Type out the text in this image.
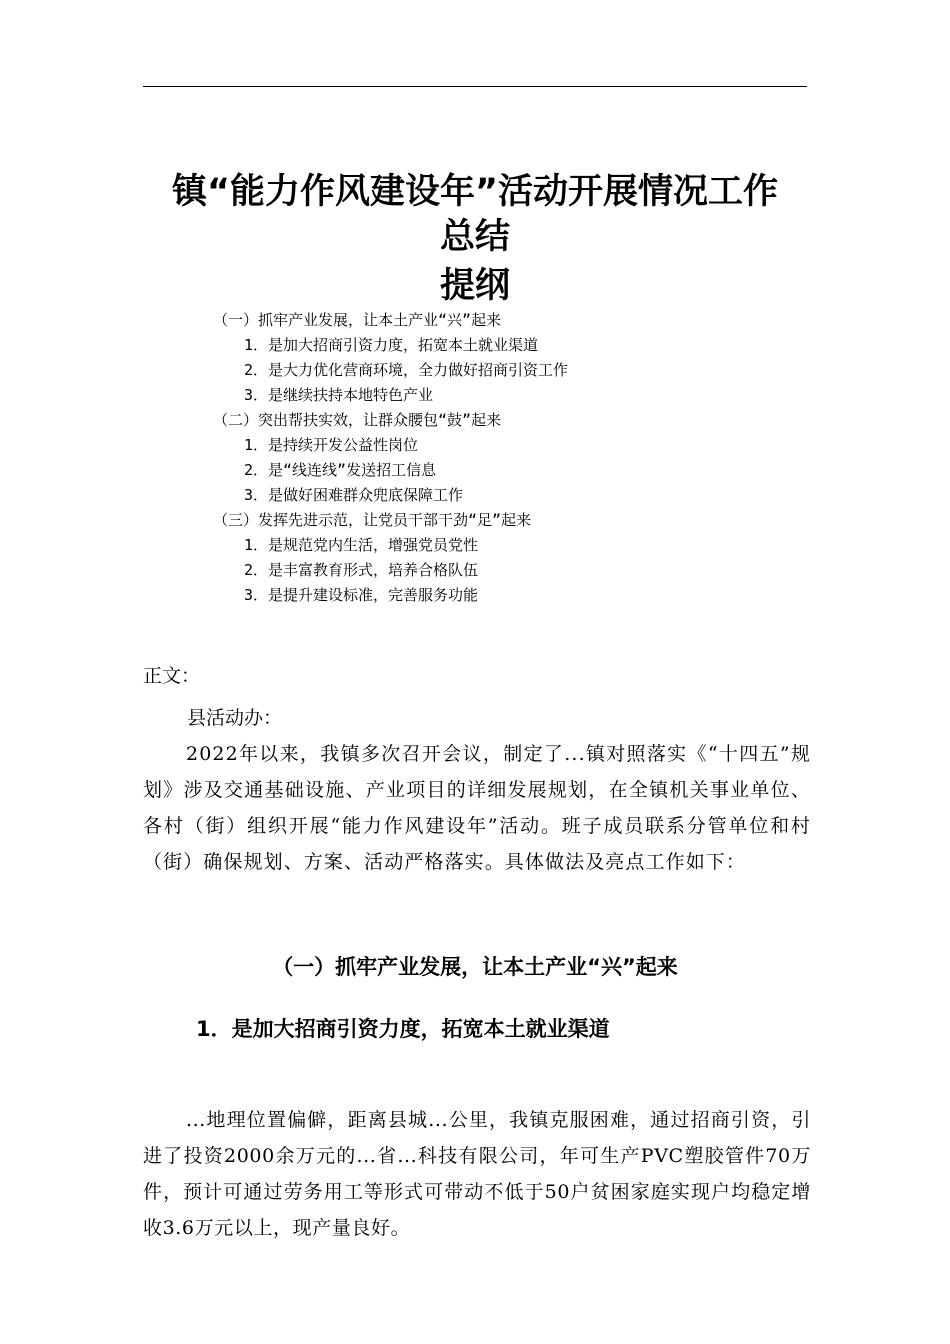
镇“能力作风建设年”活动开展情况工作
总结
提纲
（一）抓牢产业发展，让本土产业“兴”起来
1．是加大招商引资力度，拓宽本土就业渠道
2．是大力优化营商环境，全力做好招商引资工作
3．是继续扶持本地特色产业
（二）突出帮扶实效，让群众腰包“鼓”起来
1．是持续开发公益性岗位
2．是“线连线”发送招工信息
3．是做好困难群众兜底保障工作
（三）发挥先进示范，让党员干部干劲“足”起来
1．是规范党内生活，增强党员党性
2．是丰富教育形式，培养合格队伍
3．是提升建设标准，完善服务功能
正文：
县活动办：
2022年以来，我镇多次召开会议，制定了...镇对照落实《“十四五”规划》涉及交通基础设施、产业项目的详细发展规划，在全镇机关事业单位、各村（街）组织开展“能力作风建设年”活动。班子成员联系分管单位和村（街）确保规划、方案、活动严格落实。具体做法及亮点工作如下：
（一）抓牢产业发展，让本土产业“兴”起来
1．是加大招商引资力度，拓宽本土就业渠道
...地理位置偏僻，距离县城...公里，我镇克服困难，通过招商引资，引进了投资2000余万元的...省...科技有限公司，年可生产PVC塑胶管件70万件，预计可通过劳务用工等形式可带动不低于50户贫困家庭实现户均稳定增收3.6万元以上，现产量良好。
